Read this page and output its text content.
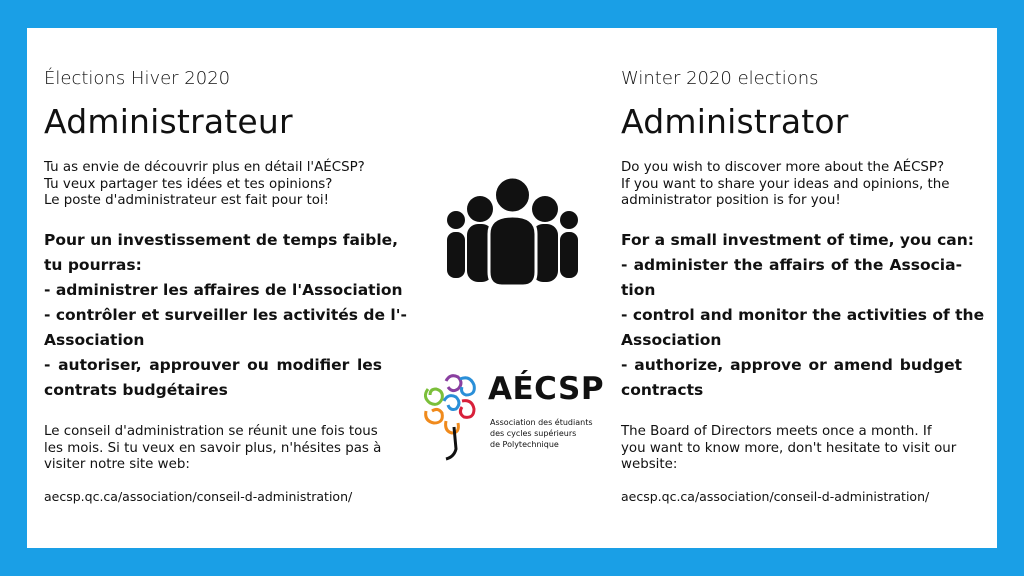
Élections Hiver 2020
Administrateur
Tu as envie de découvrir plus en détail l'AÉCSP?
Tu veux partager tes idées et tes opinions?
Le poste d'administrateur est fait pour toi!
Pour un investissement de temps faible,
tu pourras:
- administrer les affaires de l'Association
- contrôler et surveiller les activités de l'-
Association
- autoriser, approuver ou modifier les
contrats budgétaires
Le conseil d'administration se réunit une fois tous
les mois. Si tu veux en savoir plus, n'hésites pas à
visiter notre site web:
aecsp.qc.ca/association/conseil-d-administration/
AÉCSP
Association des étudiants
des cycles supérieurs
de Polytechnique
Winter 2020 elections
Administrator
Do you wish to discover more about the AÉCSP?
If you want to share your ideas and opinions, the
administrator position is for you!
For a small investment of time, you can:
- administer the affairs of the Associa-
tion
- control and monitor the activities of the
Association
- authorize, approve or amend budget
contracts
The Board of Directors meets once a month. If
you want to know more, don't hesitate to visit our
website:
aecsp.qc.ca/association/conseil-d-administration/
